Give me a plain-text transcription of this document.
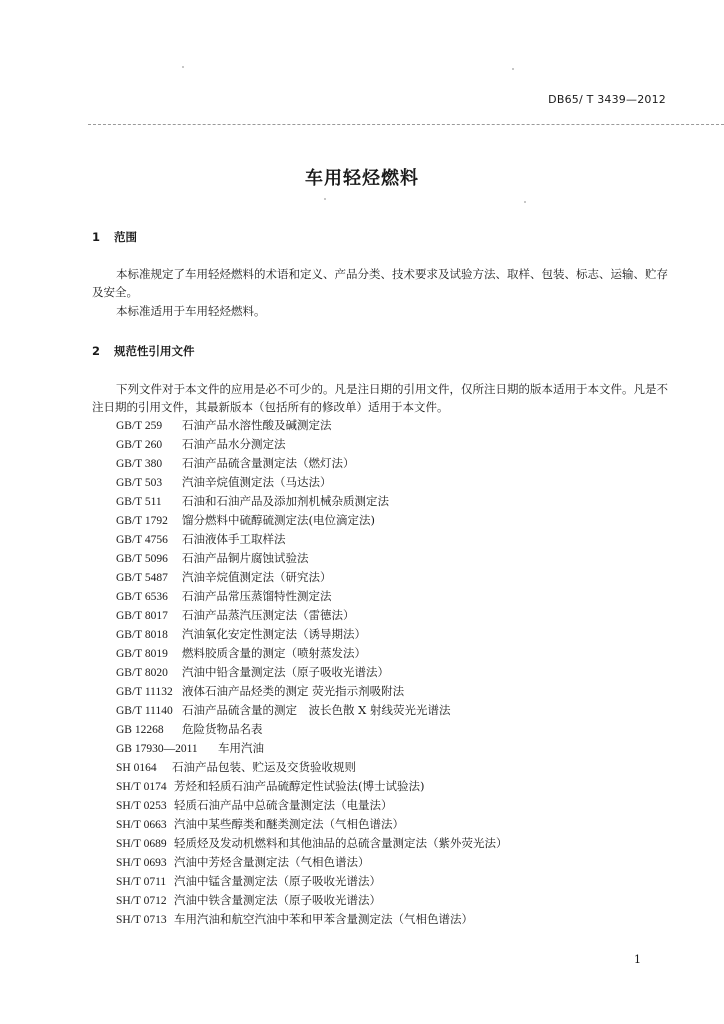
DB65/ T 3439—2012
车用轻烃燃料
1 范围
本标准规定了车用轻烃燃料的术语和定义、产品分类、技术要求及试验方法、取样、包装、标志、运输、贮存及安全。
本标准适用于车用轻烃燃料。
2 规范性引用文件
下列文件对于本文件的应用是必不可少的。凡是注日期的引用文件，仅所注日期的版本适用于本文件。凡是不注日期的引用文件，其最新版本（包括所有的修改单）适用于本文件。
GB/T 259 石油产品水溶性酸及碱测定法
GB/T 260 石油产品水分测定法
GB/T 380 石油产品硫含量测定法（燃灯法）
GB/T 503 汽油辛烷值测定法（马达法）
GB/T 511 石油和石油产品及添加剂机械杂质测定法
GB/T 1792 馏分燃料中硫醇硫测定法(电位滴定法)
GB/T 4756 石油液体手工取样法
GB/T 5096 石油产品铜片腐蚀试验法
GB/T 5487 汽油辛烷值测定法（研究法）
GB/T 6536 石油产品常压蒸馏特性测定法
GB/T 8017 石油产品蒸汽压测定法（雷德法）
GB/T 8018 汽油氧化安定性测定法（诱导期法）
GB/T 8019 燃料胶质含量的测定（喷射蒸发法）
GB/T 8020 汽油中铅含量测定法（原子吸收光谱法）
GB/T 11132 液体石油产品烃类的测定 荧光指示剂吸附法
GB/T 11140 石油产品硫含量的测定　波长色散 X 射线荧光光谱法
GB 12268 危险货物品名表
GB 17930—2011 车用汽油
SH 0164 石油产品包装、贮运及交货验收规则
SH/T 0174 芳烃和轻质石油产品硫醇定性试验法(博士试验法)
SH/T 0253 轻质石油产品中总硫含量测定法（电量法）
SH/T 0663 汽油中某些醇类和醚类测定法（气相色谱法）
SH/T 0689 轻质烃及发动机燃料和其他油品的总硫含量测定法（紫外荧光法）
SH/T 0693 汽油中芳烃含量测定法（气相色谱法）
SH/T 0711 汽油中锰含量测定法（原子吸收光谱法）
SH/T 0712 汽油中铁含量测定法（原子吸收光谱法）
SH/T 0713 车用汽油和航空汽油中苯和甲苯含量测定法（气相色谱法）
1
